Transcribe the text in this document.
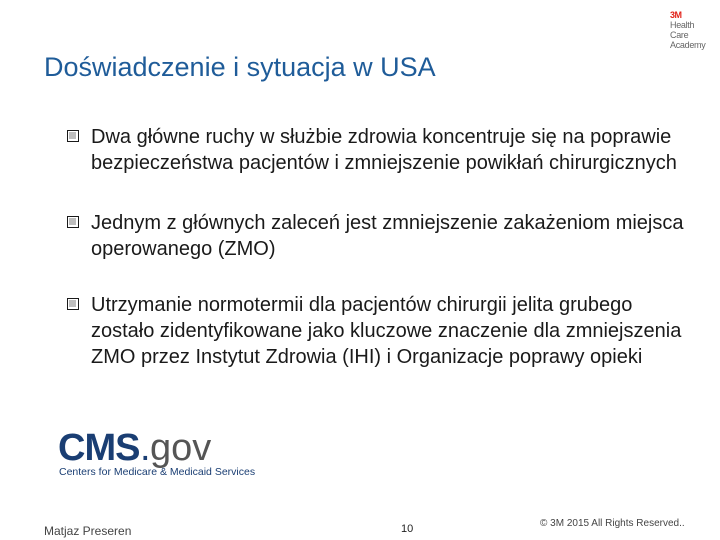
3M
Health
Care
Academy
Doświadczenie i sytuacja w USA
Dwa główne ruchy w służbie zdrowia koncentruje się na poprawie bezpieczeństwa pacjentów i zmniejszenie powikłań chirurgicznych
Jednym z głównych zaleceń jest zmniejszenie zakażeniom miejsca operowanego (ZMO)
Utrzymanie normotermii dla pacjentów chirurgii jelita grubego zostało zidentyfikowane jako kluczowe znaczenie dla zmniejszenia ZMO przez Instytut Zdrowia (IHI) i Organizacje poprawy opieki
CMS . gov
Centers for Medicare & Medicaid Services
Matjaz Preseren	10	© 3M 2015 All Rights Reserved..
